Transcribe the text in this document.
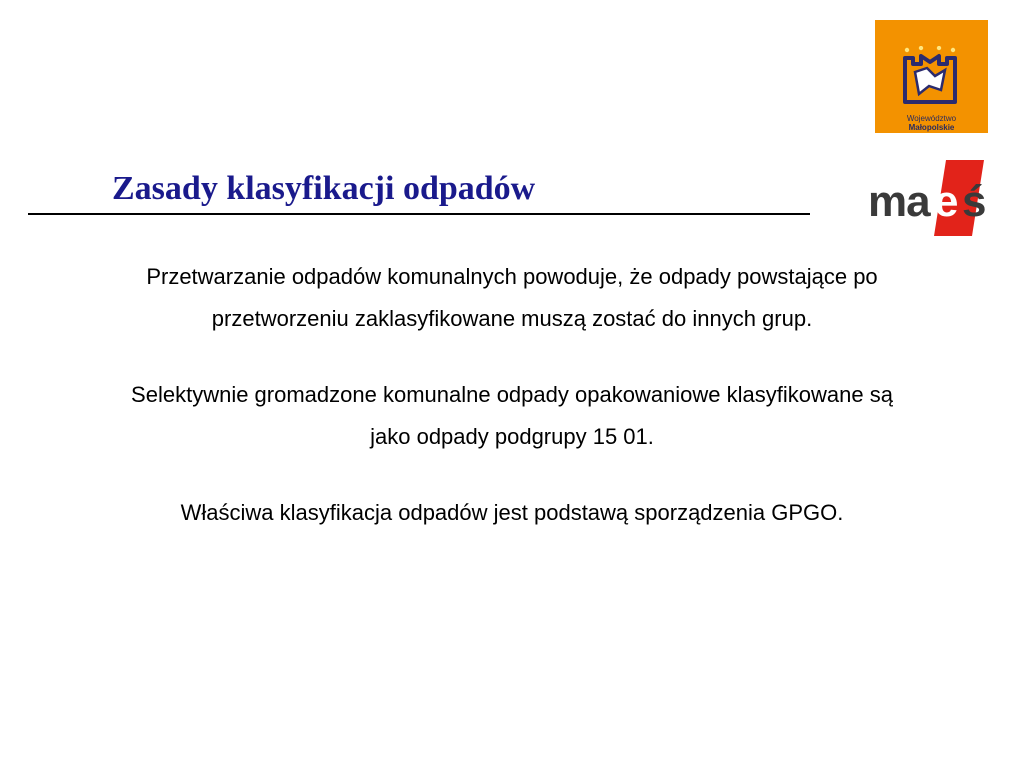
Województwo
Małopolskie
ma e ś
Zasady klasyfikacji odpadów

Przetwarzanie odpadów komunalnych powoduje, że odpady powstające po przetworzeniu zaklasyfikowane muszą zostać do innych grup.

Selektywnie gromadzone komunalne odpady opakowaniowe klasyfikowane są jako odpady podgrupy 15 01.

Właściwa klasyfikacja odpadów jest podstawą sporządzenia GPGO.
